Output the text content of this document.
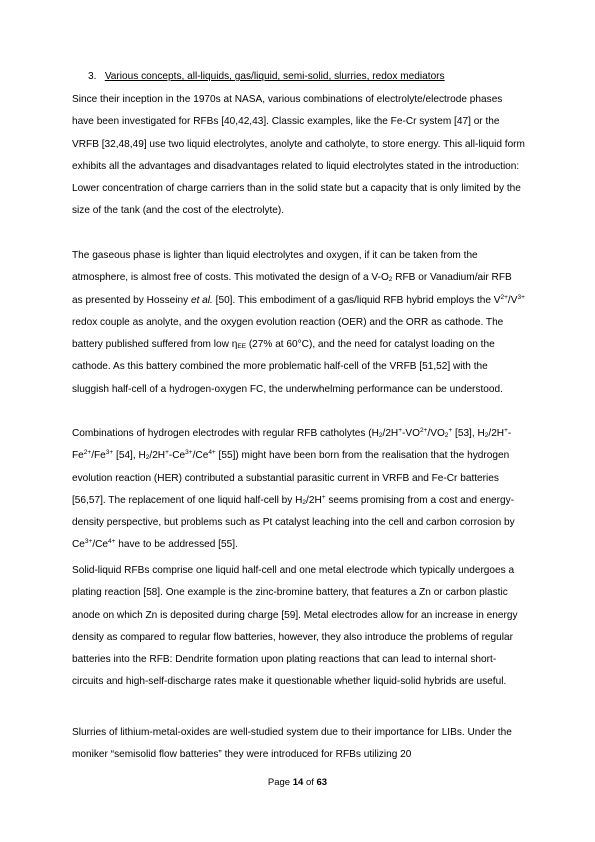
3. Various concepts, all-liquids, gas/liquid, semi-solid, slurries, redox mediators

Since their inception in the 1970s at NASA, various combinations of electrolyte/electrode phases have been investigated for RFBs [40,42,43]. Classic examples, like the Fe-Cr system [47] or the VRFB [32,48,49] use two liquid electrolytes, anolyte and catholyte, to store energy. This all-liquid form exhibits all the advantages and disadvantages related to liquid electrolytes stated in the introduction: Lower concentration of charge carriers than in the solid state but a capacity that is only limited by the size of the tank (and the cost of the electrolyte).

The gaseous phase is lighter than liquid electrolytes and oxygen, if it can be taken from the atmosphere, is almost free of costs. This motivated the design of a $V-O_2$ RFB or Vanadium/air RFB as presented by Hosseiny et al. [50]. This embodiment of a gas/liquid RFB hybrid employs the $V^{2+}/V^{3+}$ redox couple as anolyte, and the oxygen evolution reaction (OER) and the ORR as cathode. The battery published suffered from low $\eta_{EE}$ (27% at 60°C), and the need for catalyst loading on the cathode. As this battery combined the more problematic half-cell of the VRFB [51,52] with the sluggish half-cell of a hydrogen-oxygen FC, the underwhelming performance can be understood.

Combinations of hydrogen electrodes with regular RFB catholytes ($H_2/2H^+-VO^{2+}/VO_2^+$ [53], $H_2/2H^+-Fe^{2+}/Fe^{3+}$ [54], $H_2/2H^+-Ce^{3+}/Ce^{4+}$ [55]) might have been born from the realisation that the hydrogen evolution reaction (HER) contributed a substantial parasitic current in VRFB and Fe-Cr batteries [56,57]. The replacement of one liquid half-cell by $H_2/2H^+$ seems promising from a cost and energy-density perspective, but problems such as Pt catalyst leaching into the cell and carbon corrosion by $Ce^{3+}/Ce^{4+}$ have to be addressed [55].

Solid-liquid RFBs comprise one liquid half-cell and one metal electrode which typically undergoes a plating reaction [58]. One example is the zinc-bromine battery, that features a Zn or carbon plastic anode on which Zn is deposited during charge [59]. Metal electrodes allow for an increase in energy density as compared to regular flow batteries, however, they also introduce the problems of regular batteries into the RFB: Dendrite formation upon plating reactions that can lead to internal short-circuits and high-self-discharge rates make it questionable whether liquid-solid hybrids are useful.

Slurries of lithium-metal-oxides are well-studied system due to their importance for LIBs. Under the moniker “semisolid flow batteries” they were introduced for RFBs utilizing 20

Page 14 of 63
